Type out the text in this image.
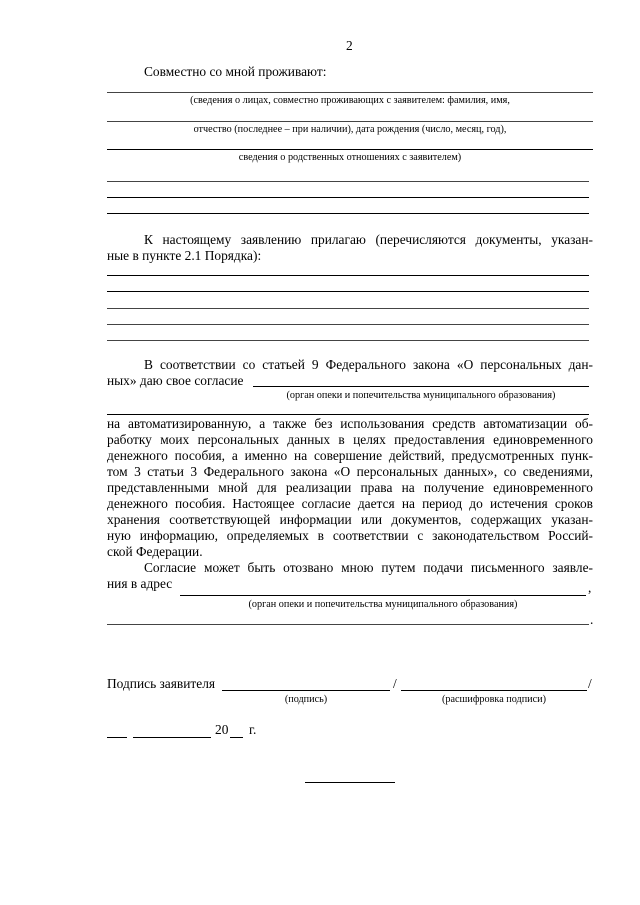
2
Совместно со мной проживают:
(сведения о лицах, совместно проживающих с заявителем: фамилия, имя,
отчество (последнее – при наличии), дата рождения (число, месяц, год),
сведения о родственных отношениях с заявителем)
К настоящему заявлению прилагаю (перечисляются документы, указан-
ные в пункте 2.1 Порядка):
В соответствии со статьей 9 Федерального закона «О персональных дан-
ных» даю свое согласие
(орган опеки и попечительства муниципального образования)
на автоматизированную, а также без использования средств автоматизации об-
работку моих персональных данных в целях предоставления единовременного
денежного пособия, а именно на совершение действий, предусмотренных пунк-
том 3 статьи 3 Федерального закона «О персональных данных», со сведениями,
представленными мной для реализации права на получение единовременного
денежного пособия. Настоящее согласие дается на период до истечения сроков
хранения соответствующей информации или документов, содержащих указан-
ную информацию, определяемых в соответствии с законодательством Россий-
ской Федерации.
Согласие может быть отозвано мною путем подачи письменного заявле-
ния в адрес	,
(орган опеки и попечительства муниципального образования)
.
Подпись заявителя	/	/
(подпись)	(расшифровка подписи)
20 г.
